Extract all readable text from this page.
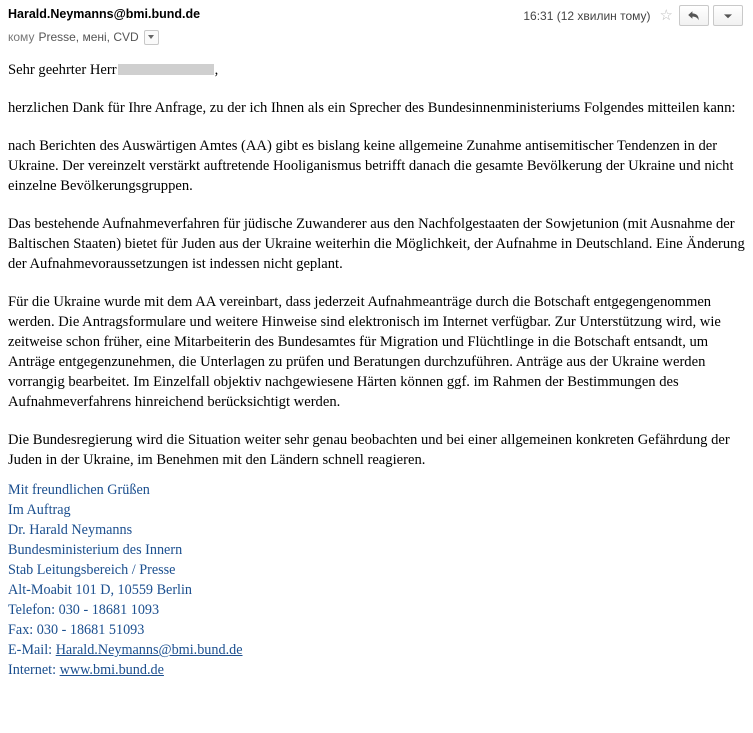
Harald.Neymanns@bmi.bund.de	16:31 (12 хвилин тому) ☆
кому Presse, мені, CVD

Sehr geehrter Herr	,

herzlichen Dank für Ihre Anfrage, zu der ich Ihnen als ein Sprecher des Bundesinnenministeriums Folgendes mitteilen kann:

nach Berichten des Auswärtigen Amtes (AA) gibt es bislang keine allgemeine Zunahme antisemitischer Tendenzen in der Ukraine. Der vereinzelt verstärkt auftretende Hooliganismus betrifft danach die gesamte Bevölkerung der Ukraine und nicht einzelne Bevölkerungsgruppen.

Das bestehende Aufnahmeverfahren für jüdische Zuwanderer aus den Nachfolgestaaten der Sowjetunion (mit Ausnahme der Baltischen Staaten) bietet für Juden aus der Ukraine weiterhin die Möglichkeit, der Aufnahme in Deutschland. Eine Änderung der Aufnahmevoraussetzungen ist indessen nicht geplant.

Für die Ukraine wurde mit dem AA vereinbart, dass jederzeit Aufnahmeanträge durch die Botschaft entgegengenommen werden. Die Antragsformulare und weitere Hinweise sind elektronisch im Internet verfügbar. Zur Unterstützung wird, wie zeitweise schon früher, eine Mitarbeiterin des Bundesamtes für Migration und Flüchtlinge in die Botschaft entsandt, um Anträge entgegenzunehmen, die Unterlagen zu prüfen und Beratungen durchzuführen. Anträge aus der Ukraine werden vorrangig bearbeitet. Im Einzelfall objektiv nachgewiesene Härten können ggf. im Rahmen der Bestimmungen des Aufnahmeverfahrens hinreichend berücksichtigt werden.

Die Bundesregierung wird die Situation weiter sehr genau beobachten und bei einer allgemeinen konkreten Gefährdung der Juden in der Ukraine, im Benehmen mit den Ländern schnell reagieren.

Mit freundlichen Grüßen
Im Auftrag
Dr. Harald Neymanns
Bundesministerium des Innern
Stab Leitungsbereich / Presse
Alt-Moabit 101 D, 10559 Berlin
Telefon: 030 - 18681 1093
Fax: 030 - 18681 51093
E-Mail: Harald.Neymanns@bmi.bund.de
Internet: www.bmi.bund.de
